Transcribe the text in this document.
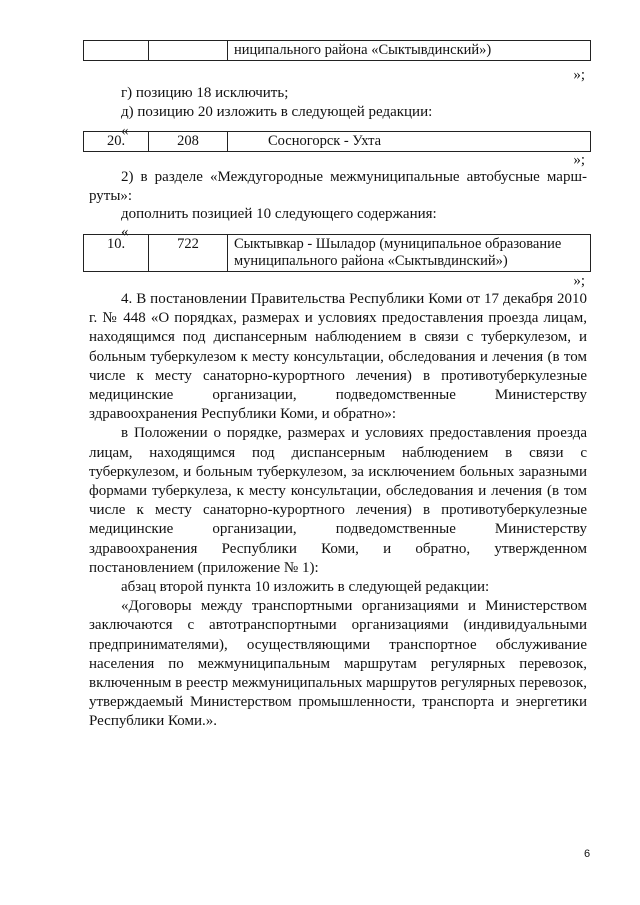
		ниципального района «Сыктывдинский»)
»;
г) позицию 18 исключить;
д) позицию 20 изложить в следующей редакции:
«
20.	208	Сосногорск - Ухта
»;

2) в разделе «Междугородные межмуниципальные автобусные марш-руты»:

дополнить позицией 10 следующего содержания:
«
10.	722	Сыктывкар - Шыладор (муниципальное образование муниципального района «Сыктывдинский»)
»;

4. В постановлении Правительства Республики Коми от 17 декабря 2010 г. № 448 «О порядках, размерах и условиях предоставления проезда лицам, находящимся под диспансерным наблюдением в связи с туберкулезом, и больным туберкулезом к месту консультации, обследования и лечения (в том числе к месту санаторно-курортного лечения) в противотуберкулезные медицинские организации, подведомственные Министерству здравоохранения Республики Коми, и обратно»:

в Положении о порядке, размерах и условиях предоставления проезда лицам, находящимся под диспансерным наблюдением в связи с туберкулезом, и больным туберкулезом, за исключением больных заразными формами туберкулеза, к месту консультации, обследования и лечения (в том числе к месту санаторно-курортного лечения) в противотуберкулезные медицинские организации, подведомственные Министерству здравоохранения Республики Коми, и обратно, утвержденном постановлением (приложение № 1):

абзац второй пункта 10 изложить в следующей редакции:

«Договоры между транспортными организациями и Министерством заключаются с автотранспортными организациями (индивидуальными предпринимателями), осуществляющими транспортное обслуживание населения по межмуниципальным маршрутам регулярных перевозок, включенным в реестр межмуниципальных маршрутов регулярных перевозок, утверждаемый Министерством промышленности, транспорта и энергетики Республики Коми.».

6
